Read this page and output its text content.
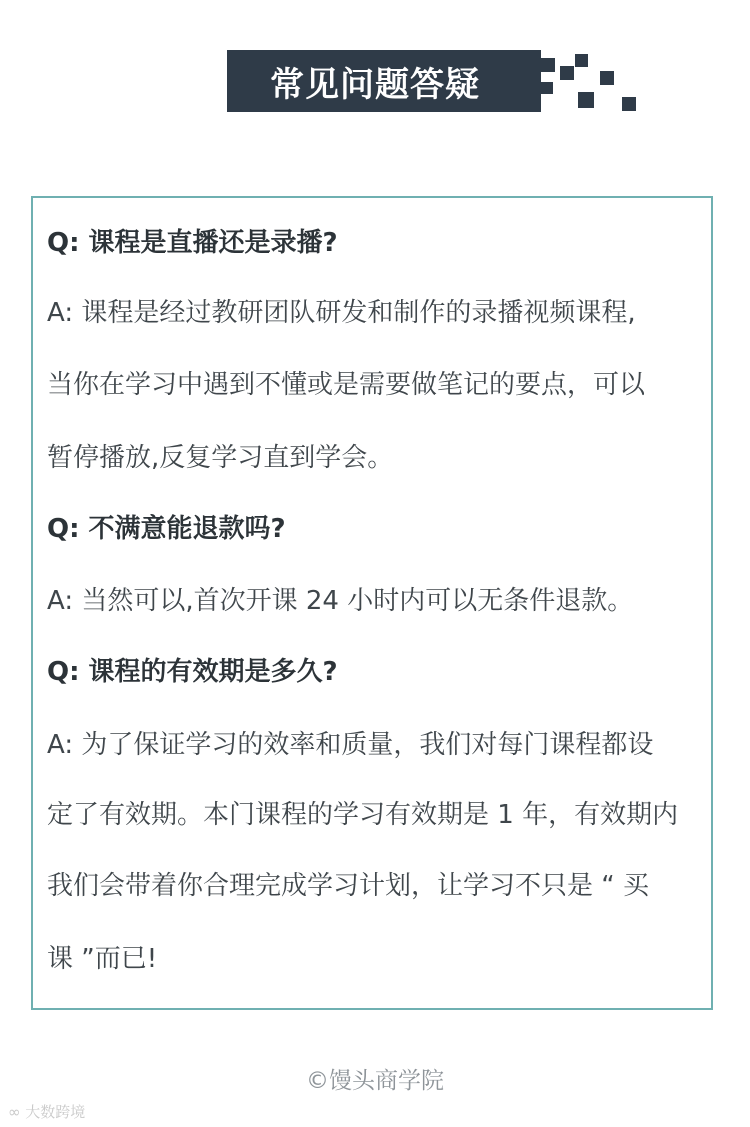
常见问题答疑
Q: 课程是直播还是录播?
A: 课程是经过教研团队研发和制作的录播视频课程,
当你在学习中遇到不懂或是需要做笔记的要点，可以
暂停播放,反复学习直到学会。
Q: 不满意能退款吗?
A: 当然可以,首次开课 24 小时内可以无条件退款。
Q: 课程的有效期是多久?
A: 为了保证学习的效率和质量，我们对每门课程都设
定了有效期。本门课程的学习有效期是 1 年，有效期内
我们会带着你合理完成学习计划，让学习不只是 “ 买
课 ”而已!
©馒头商学院
∞ 大数跨境
